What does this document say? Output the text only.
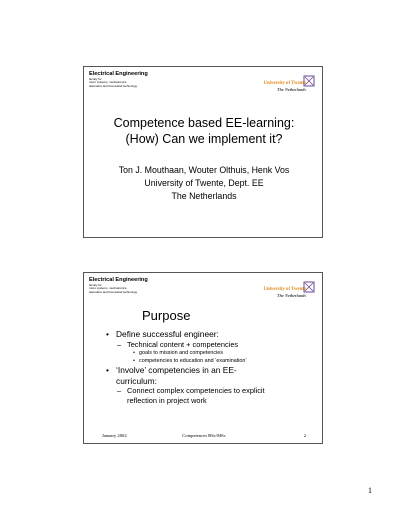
Electrical Engineering
faculty for
micro systems, mechatronics,
telematics and biomedical technology	University of Twente
The Netherlands
Competence based EE-learning:
(How) Can we implement it?
Ton J. Mouthaan, Wouter Olthuis, Henk Vos
University of Twente, Dept. EE
The Netherlands
Electrical Engineering
faculty for
micro systems, mechatronics,
telematics and biomedical technology	University of Twente
The Netherlands
Purpose

• Define successful engineer:

– Technical content + competencies

• goals to mission and competencies

• competencies to education and ‘examination’

• ‘Involve’ competencies in an EE-
curriculum:

– Connect complex competencies to explicit
reflection in project work

January 2002	Competences BSc/MSc	2
1
